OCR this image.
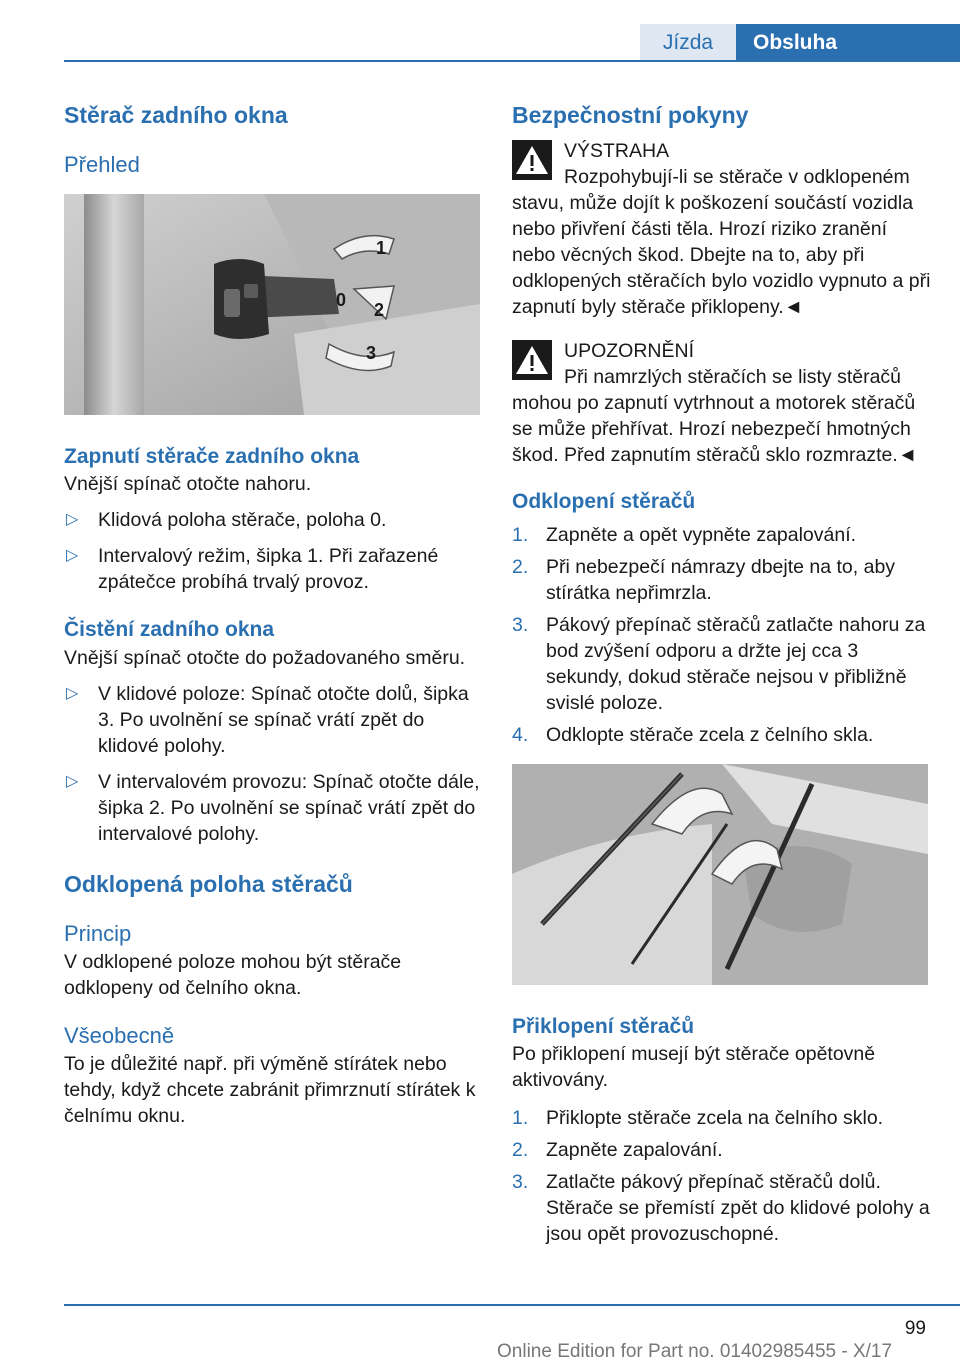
Jízda	Obsluha
Stěrač zadního okna
Přehled
1
0 2
3
Zapnutí stěrače zadního okna

Vnější spínač otočte nahoru.

▷ Klidová poloha stěrače, poloha 0.
▷ Intervalový režim, šipka 1. Při zařazené zpátečce probíhá trvalý provoz.
Čistění zadního okna

Vnější spínač otočte do požadovaného směru.

▷ V klidové poloze: Spínač otočte dolů, šipka 3. Po uvolnění se spínač vrátí zpět do klidové polohy.
▷ V intervalovém provozu: Spínač otočte dále, šipka 2. Po uvolnění se spínač vrátí zpět do intervalové polohy.
Odklopená poloha stěračů
Princip

V odklopené poloze mohou být stěrače odklopeny od čelního okna.

Všeobecně

To je důležité např. při výměně stírátek nebo tehdy, když chcete zabránit přimrznutí stírátek k čelnímu oknu.

Bezpečnostní pokyny
VÝSTRAHA
Rozpohybují-li se stěrače v odklopeném
stavu, může dojít k poškození součástí vozidla nebo přivření části těla. Hrozí riziko zranění nebo věcných škod. Dbejte na to, aby při odklopených stěračích bylo vozidlo vypnuto a při zapnutí byly stěrače přiklopeny.◄
UPOZORNĚNÍ
Při namrzlých stěračích se listy stěračů
mohou po zapnutí vytrhnout a motorek stěračů se může přehřívat. Hrozí nebezpečí hmotných škod. Před zapnutím stěračů sklo rozmrazte.◄
Odklopení stěračů
1. Zapněte a opět vypněte zapalování.
2. Při nebezpečí námrazy dbejte na to, aby stírátka nepřimrzla.
3. Pákový přepínač stěračů zatlačte nahoru za bod zvýšení odporu a držte jej cca 3 sekundy, dokud stěrače nejsou v přibližně svislé poloze.
4. Odklopte stěrače zcela z čelního skla.
Přiklopení stěračů

Po přiklopení musejí být stěrače opětovně aktivovány.

1. Přiklopte stěrače zcela na čelního sklo.
2. Zapněte zapalování.
3. Zatlačte pákový přepínač stěračů dolů. Stěrače se přemístí zpět do klidové polohy a jsou opět provozuschopné.
99
Online Edition for Part no. 01402985455 - X/17
